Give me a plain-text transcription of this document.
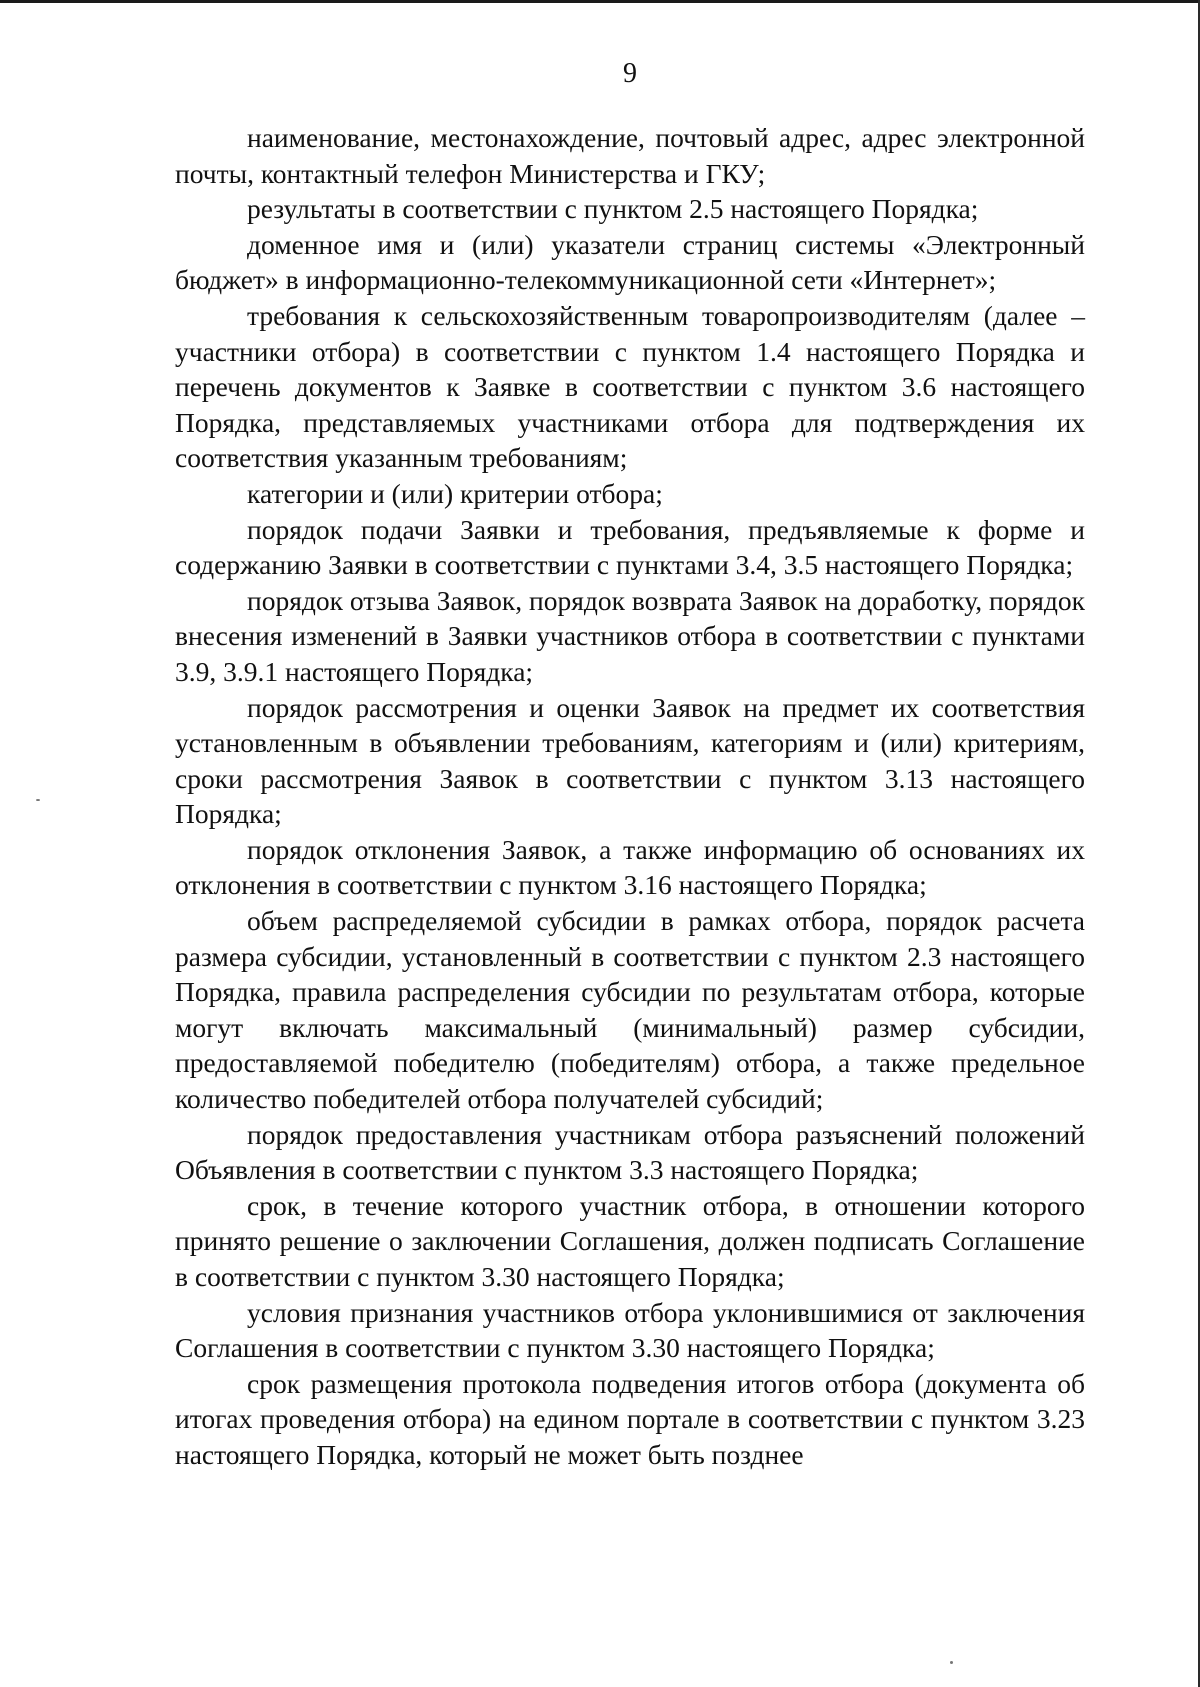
9

наименование, местонахождение, почтовый адрес, адрес электронной почты, контактный телефон Министерства и ГКУ;

результаты в соответствии с пунктом 2.5 настоящего Порядка;

доменное имя и (или) указатели страниц системы «Электронный бюджет» в информационно-телекоммуникационной сети «Интернет»;

требования к сельскохозяйственным товаропроизводителям (далее – участники отбора) в соответствии с пунктом 1.4 настоящего Порядка и перечень документов к Заявке в соответствии с пунктом 3.6 настоящего Порядка, представляемых участниками отбора для подтверждения их соответствия указанным требованиям;

категории и (или) критерии отбора;

порядок подачи Заявки и требования, предъявляемые к форме и содержанию Заявки в соответствии с пунктами 3.4, 3.5 настоящего Порядка;

порядок отзыва Заявок, порядок возврата Заявок на доработку, порядок внесения изменений в Заявки участников отбора в соответствии с пунктами 3.9, 3.9.1 настоящего Порядка;

порядок рассмотрения и оценки Заявок на предмет их соответствия установленным в объявлении требованиям, категориям и (или) критериям, сроки рассмотрения Заявок в соответствии с пунктом 3.13 настоящего Порядка;

порядок отклонения Заявок, а также информацию об основаниях их отклонения в соответствии с пунктом 3.16 настоящего Порядка;

объем распределяемой субсидии в рамках отбора, порядок расчета размера субсидии, установленный в соответствии с пунктом 2.3 настоящего Порядка, правила распределения субсидии по результатам отбора, которые могут включать максимальный (минимальный) размер субсидии, предоставляемой победителю (победителям) отбора, а также предельное количество победителей отбора получателей субсидий;

порядок предоставления участникам отбора разъяснений положений Объявления в соответствии с пунктом 3.3 настоящего Порядка;

срок, в течение которого участник отбора, в отношении которого принято решение о заключении Соглашения, должен подписать Соглашение в соответствии с пунктом 3.30 настоящего Порядка;

условия признания участников отбора уклонившимися от заключения Соглашения в соответствии с пунктом 3.30 настоящего Порядка;

срок размещения протокола подведения итогов отбора (документа об итогах проведения отбора) на едином портале в соответствии с пунктом 3.23 настоящего Порядка, который не может быть позднее
